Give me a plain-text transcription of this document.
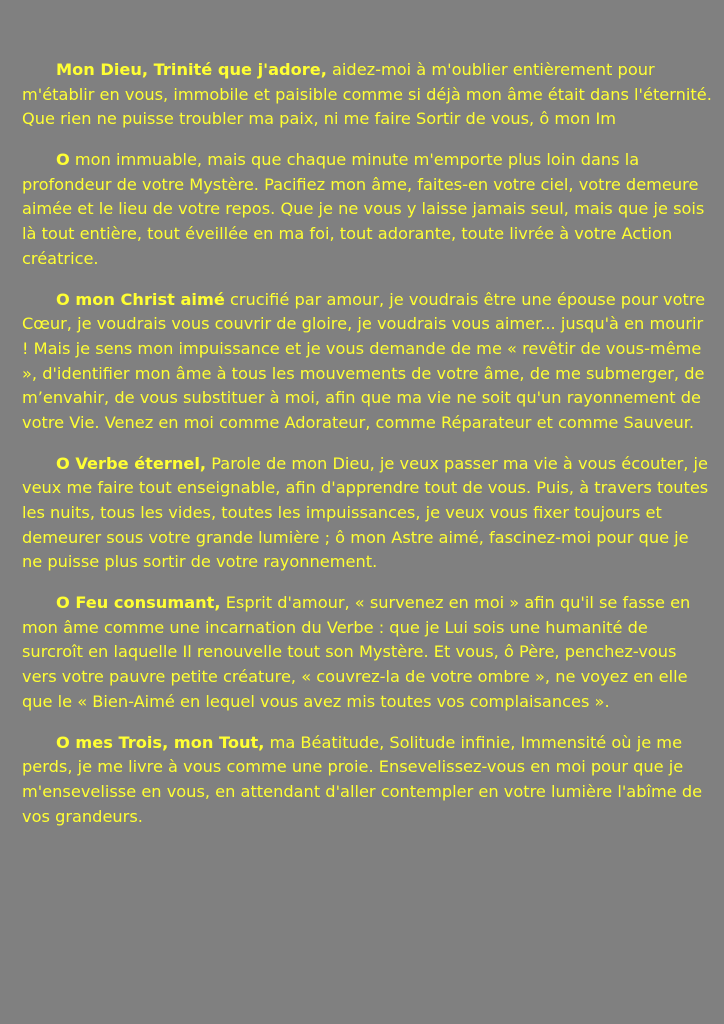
Mon Dieu, Trinité que j'adore, aidez-moi à m'oublier entièrement pour m'établir en vous, immobile et paisible comme si déjà mon âme était dans l'éternité. Que rien ne puisse troubler ma paix, ni me faire Sortir de vous, ô mon Im

O mon immuable, mais que chaque minute m'emporte plus loin dans la profondeur de votre Mystère. Pacifiez mon âme, faites-en votre ciel, votre demeure aimée et le lieu de votre repos. Que je ne vous y laisse jamais seul, mais que je sois là tout entière, tout éveillée en ma foi, tout adorante, toute livrée à votre Action créatrice.

O mon Christ aimé crucifié par amour, je voudrais être une épouse pour votre Cœur, je voudrais vous couvrir de gloire, je voudrais vous aimer... jusqu'à en mourir ! Mais je sens mon impuissance et je vous demande de me « revêtir de vous-même », d'identifier mon âme à tous les mouvements de votre âme, de me submerger, de m’envahir, de vous substituer à moi, afin que ma vie ne soit qu'un rayonnement de votre Vie. Venez en moi comme Adorateur, comme Réparateur et comme Sauveur.

O Verbe éternel, Parole de mon Dieu, je veux passer ma vie à vous écouter, je veux me faire tout enseignable, afin d'apprendre tout de vous. Puis, à travers toutes les nuits, tous les vides, toutes les impuissances, je veux vous fixer toujours et demeurer sous votre grande lumière ; ô mon Astre aimé, fascinez-moi pour que je ne puisse plus sortir de votre rayonnement.

O Feu consumant, Esprit d'amour, « survenez en moi » afin qu'il se fasse en mon âme comme une incarnation du Verbe : que je Lui sois une humanité de surcroît en laquelle Il renouvelle tout son Mystère. Et vous, ô Père, penchez-vous vers votre pauvre petite créature, « couvrez-la de votre ombre », ne voyez en elle que le « Bien-Aimé en lequel vous avez mis toutes vos complaisances ».

O mes Trois, mon Tout, ma Béatitude, Solitude infinie, Immensité où je me perds, je me livre à vous comme une proie. Ensevelissez-vous en moi pour que je m'ensevelisse en vous, en attendant d'aller contempler en votre lumière l'abîme de vos grandeurs.
